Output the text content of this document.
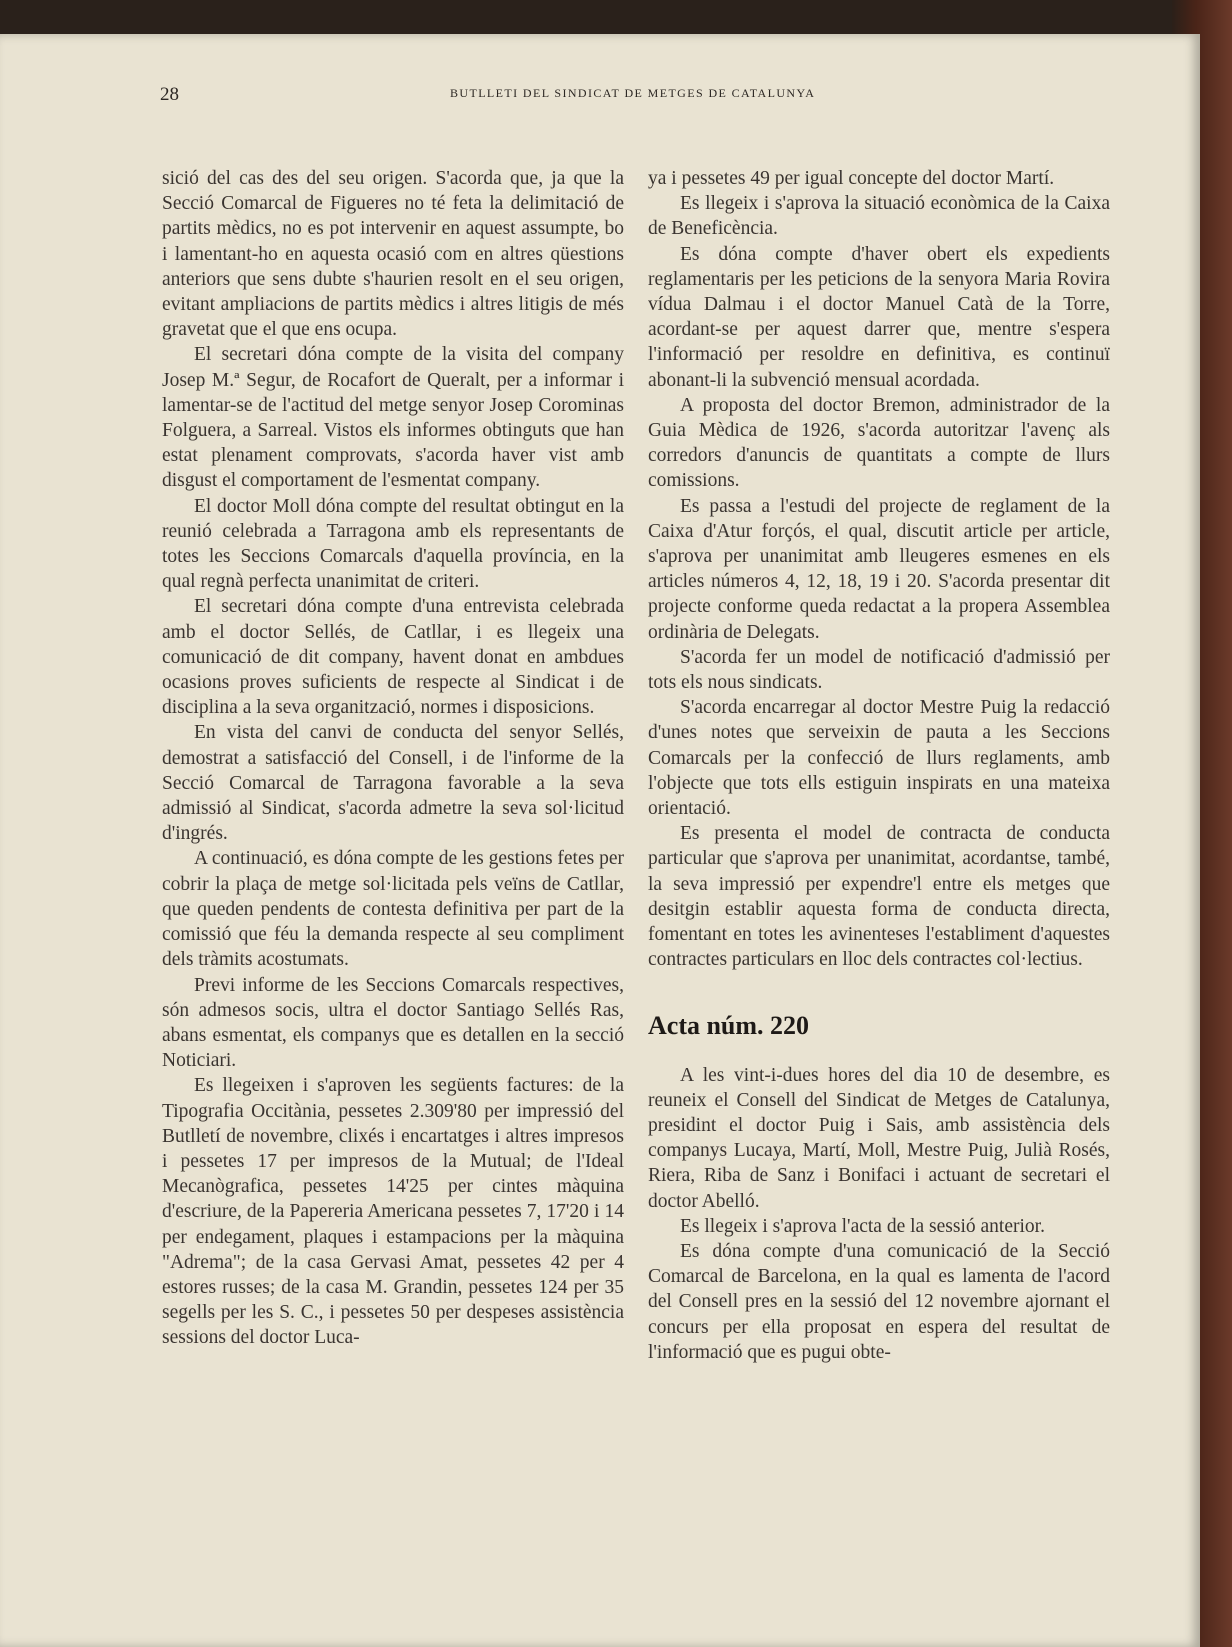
28	BUTLLETI DEL SINDICAT DE METGES DE CATALUNYA

sició del cas des del seu origen. S'acorda que, ja que la Secció Comarcal de Figueres no té feta la delimitació de partits mèdics, no es pot intervenir en aquest assumpte, bo i lamentant-ho en aquesta ocasió com en altres qüestions anteriors que sens dubte s'haurien resolt en el seu origen, evitant ampliacions de partits mèdics i altres litigis de més gravetat que el que ens ocupa.

El secretari dóna compte de la visita del company Josep M.ª Segur, de Rocafort de Queralt, per a informar i lamentar-se de l'actitud del metge senyor Josep Corominas Folguera, a Sarreal. Vistos els informes obtinguts que han estat plenament comprovats, s'acorda haver vist amb disgust el comportament de l'esmentat company.

El doctor Moll dóna compte del resultat obtingut en la reunió celebrada a Tarragona amb els representants de totes les Seccions Comarcals d'aquella província, en la qual regnà perfecta unanimitat de criteri.

El secretari dóna compte d'una entrevista celebrada amb el doctor Sellés, de Catllar, i es llegeix una comunicació de dit company, havent donat en ambdues ocasions proves suficients de respecte al Sindicat i de disciplina a la seva organització, normes i disposicions.

En vista del canvi de conducta del senyor Sellés, demostrat a satisfacció del Consell, i de l'informe de la Secció Comarcal de Tarragona favorable a la seva admissió al Sindicat, s'acorda admetre la seva sol·licitud d'ingrés.

A continuació, es dóna compte de les gestions fetes per cobrir la plaça de metge sol·licitada pels veïns de Catllar, que queden pendents de contesta definitiva per part de la comissió que féu la demanda respecte al seu compliment dels tràmits acostumats.

Previ informe de les Seccions Comarcals respectives, són admesos socis, ultra el doctor Santiago Sellés Ras, abans esmentat, els companys que es detallen en la secció Noticiari.

Es llegeixen i s'aproven les següents factures: de la Tipografia Occitània, pessetes 2.309'80 per impressió del Butlletí de novembre, clixés i encartatges i altres impresos i pessetes 17 per impresos de la Mutual; de l'Ideal Mecanògrafica, pessetes 14'25 per cintes màquina d'escriure, de la Papereria Americana pessetes 7, 17'20 i 14 per endegament, plaques i estampacions per la màquina "Adrema"; de la casa Gervasi Amat, pessetes 42 per 4 estores russes; de la casa M. Grandin, pessetes 124 per 35 segells per les S. C., i pessetes 50 per despeses assistència sessions del doctor Luca-

ya i pessetes 49 per igual concepte del doctor Martí.

Es llegeix i s'aprova la situació econòmica de la Caixa de Beneficència.

Es dóna compte d'haver obert els expedients reglamentaris per les peticions de la senyora Maria Rovira vídua Dalmau i el doctor Manuel Catà de la Torre, acordant-se per aquest darrer que, mentre s'espera l'informació per resoldre en definitiva, es continuï abonant-li la subvenció mensual acordada.

A proposta del doctor Bremon, administrador de la Guia Mèdica de 1926, s'acorda autoritzar l'avenç als corredors d'anuncis de quantitats a compte de llurs comissions.

Es passa a l'estudi del projecte de reglament de la Caixa d'Atur forçós, el qual, discutit article per article, s'aprova per unanimitat amb lleugeres esmenes en els articles números 4, 12, 18, 19 i 20. S'acorda presentar dit projecte conforme queda redactat a la propera Assemblea ordinària de Delegats.

S'acorda fer un model de notificació d'admissió per tots els nous sindicats.

S'acorda encarregar al doctor Mestre Puig la redacció d'unes notes que serveixin de pauta a les Seccions Comarcals per la confecció de llurs reglaments, amb l'objecte que tots ells estiguin inspirats en una mateixa orientació.

Es presenta el model de contracta de conducta particular que s'aprova per unanimitat, acordantse, també, la seva impressió per expendre'l entre els metges que desitgin establir aquesta forma de conducta directa, fomentant en totes les avinenteses l'establiment d'aquestes contractes particulars en lloc dels contractes col·lectius.

Acta núm. 220

A les vint-i-dues hores del dia 10 de desembre, es reuneix el Consell del Sindicat de Metges de Catalunya, presidint el doctor Puig i Sais, amb assistència dels companys Lucaya, Martí, Moll, Mestre Puig, Julià Rosés, Riera, Riba de Sanz i Bonifaci i actuant de secretari el doctor Abelló.

Es llegeix i s'aprova l'acta de la sessió anterior.

Es dóna compte d'una comunicació de la Secció Comarcal de Barcelona, en la qual es lamenta de l'acord del Consell pres en la sessió del 12 novembre ajornant el concurs per ella proposat en espera del resultat de l'informació que es pugui obte-
